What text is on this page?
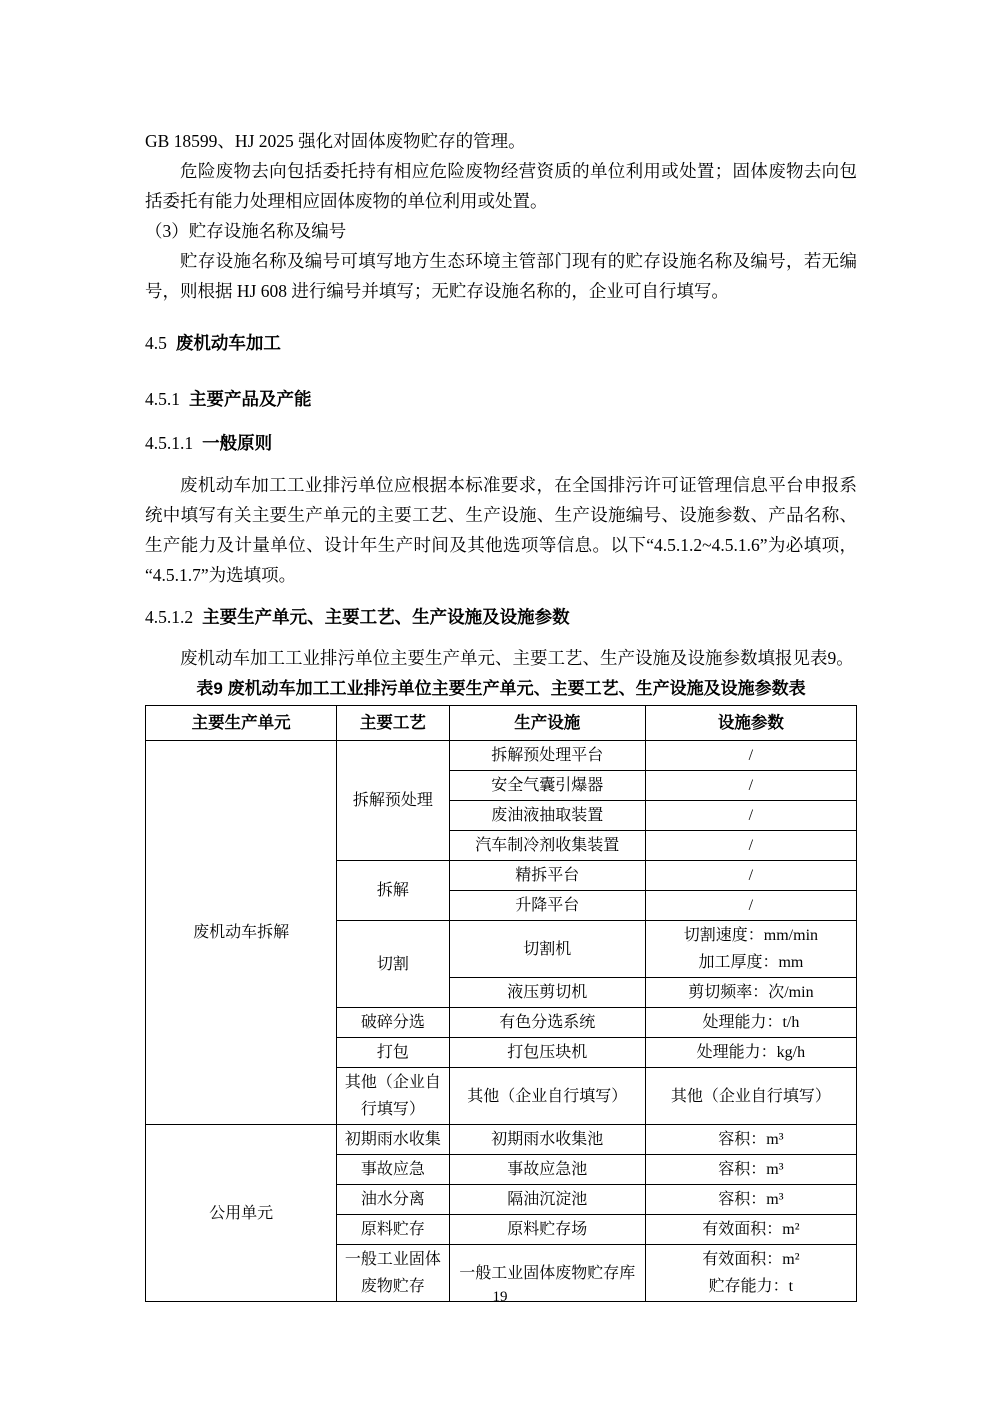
GB 18599、HJ 2025 强化对固体废物贮存的管理。

危险废物去向包括委托持有相应危险废物经营资质的单位利用或处置；固体废物去向包括委托有能力处理相应固体废物的单位利用或处置。

（3）贮存设施名称及编号

贮存设施名称及编号可填写地方生态环境主管部门现有的贮存设施名称及编号，若无编号，则根据 HJ 608 进行编号并填写；无贮存设施名称的，企业可自行填写。

4.5 废机动车加工

4.5.1 主要产品及产能

4.5.1.1 一般原则

废机动车加工工业排污单位应根据本标准要求，在全国排污许可证管理信息平台申报系统中填写有关主要生产单元的主要工艺、生产设施、生产设施编号、设施参数、产品名称、生产能力及计量单位、设计年生产时间及其他选项等信息。以下“4.5.1.2~4.5.1.6”为必填项，“4.5.1.7”为选填项。

4.5.1.2 主要生产单元、主要工艺、生产设施及设施参数

废机动车加工工业排污单位主要生产单元、主要工艺、生产设施及设施参数填报见表9。

表9 废机动车加工工业排污单位主要生产单元、主要工艺、生产设施及设施参数表
主要生产单元	主要工艺	生产设施	设施参数
废机动车拆解	拆解预处理	拆解预处理平台	/
		安全气囊引爆器	/
		废油液抽取装置	/
		汽车制冷剂收集装置	/
	拆解	精拆平台	/
		升降平台	/
	切割	切割机	切割速度：mm/min
加工厚度：mm

		液压剪切机	剪切频率：次/min
	破碎分选	有色分选系统	处理能力：t/h
	打包	打包压块机	处理能力：kg/h
	其他（企业自行填写）	其他（企业自行填写）	其他（企业自行填写）
公用单元	初期雨水收集	初期雨水收集池	容积：m³
	事故应急	事故应急池	容积：m³
	油水分离	隔油沉淀池	容积：m³
	原料贮存	原料贮存场	有效面积：m²
	一般工业固体废物贮存	一般工业固体废物贮存库	有效面积：m²
贮存能力：t
19
